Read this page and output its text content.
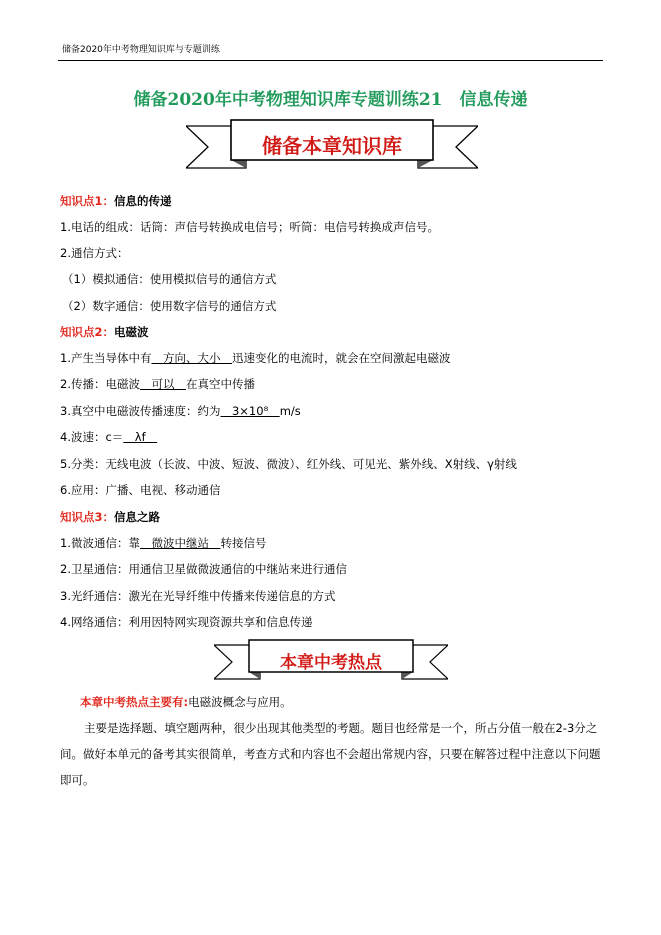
储备2020年中考物理知识库与专题训练
储备2020年中考物理知识库专题训练21　信息传递
储备本章知识库
知识点1：信息的传递
1.电话的组成：话筒：声信号转换成电信号；听筒：电信号转换成声信号。
2.通信方式：
（1）模拟通信：使用模拟信号的通信方式
（2）数字通信：使用数字信号的通信方式
知识点2：电磁波
1.产生当导体中有　方向、大小　迅速变化的电流时，就会在空间激起电磁波
2.传播：电磁波　可以　在真空中传播
3.真空中电磁波传播速度：约为　3×10⁸　m/s
4.波速：c＝　λf　
5.分类：无线电波（长波、中波、短波、微波）、红外线、可见光、紫外线、X射线、γ射线
6.应用：广播、电视、移动通信
知识点3：信息之路
1.微波通信：靠　微波中继站　转接信号
2.卫星通信：用通信卫星做微波通信的中继站来进行通信
3.光纤通信：激光在光导纤维中传播来传递信息的方式
4.网络通信：利用因特网实现资源共享和信息传递
本章中考热点
本章中考热点主要有:电磁波概念与应用。
主要是选择题、填空题两种，很少出现其他类型的考题。题目也经常是一个，所占分值一般在2-3分之间。做好本单元的备考其实很简单，考查方式和内容也不会超出常规内容，只要在解答过程中注意以下问题即可。
